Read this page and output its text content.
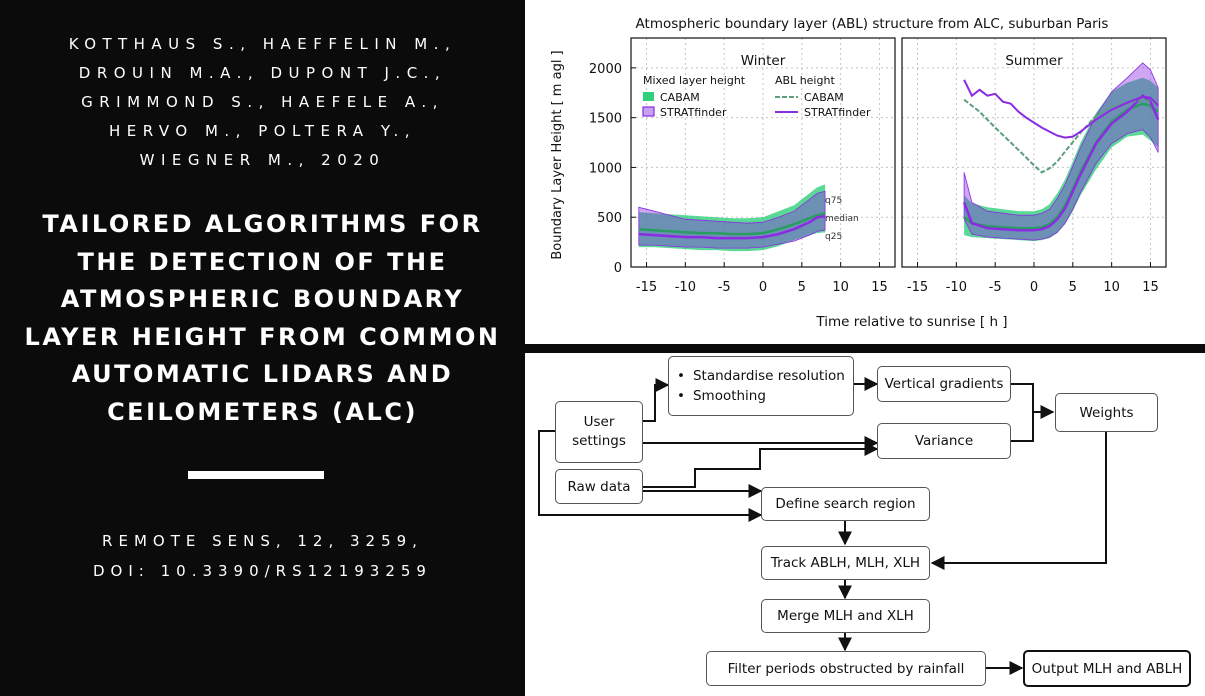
KOTTHAUS S., HAEFFELIN M.,
DROUIN M.A., DUPONT J.C.,
GRIMMOND S., HAEFELE A.,
HERVO M., POLTERA Y.,
WIEGNER M., 2020
TAILORED ALGORITHMS FOR
THE DETECTION OF THE
ATMOSPHERIC BOUNDARY
LAYER HEIGHT FROM COMMON
AUTOMATIC LIDARS AND
CEILOMETERS (ALC)
REMOTE SENS, 12, 3259,
DOI: 10.3390/RS12193259
Atmospheric boundary layer (ABL) structure from ALC, suburban Paris
Boundary Layer Height [ m agl ]
Time relative to sunrise [ h ]
Winter
-15 -10 -5 0 5 10 15
0
500
1000
1500
2000
q75
median
q25
Mixed layer height
CABAM
STRATfinder
ABL height
CABAM
STRATfinder
Summer
-15 -10 -5 0 5 10 15
User settings
Raw data
• Standardise resolution
• Smoothing
Vertical gradients
Variance
Weights
Define search region
Track ABLH, MLH, XLH
Merge MLH and XLH
Filter periods obstructed by rainfall	Output MLH and ABLH
